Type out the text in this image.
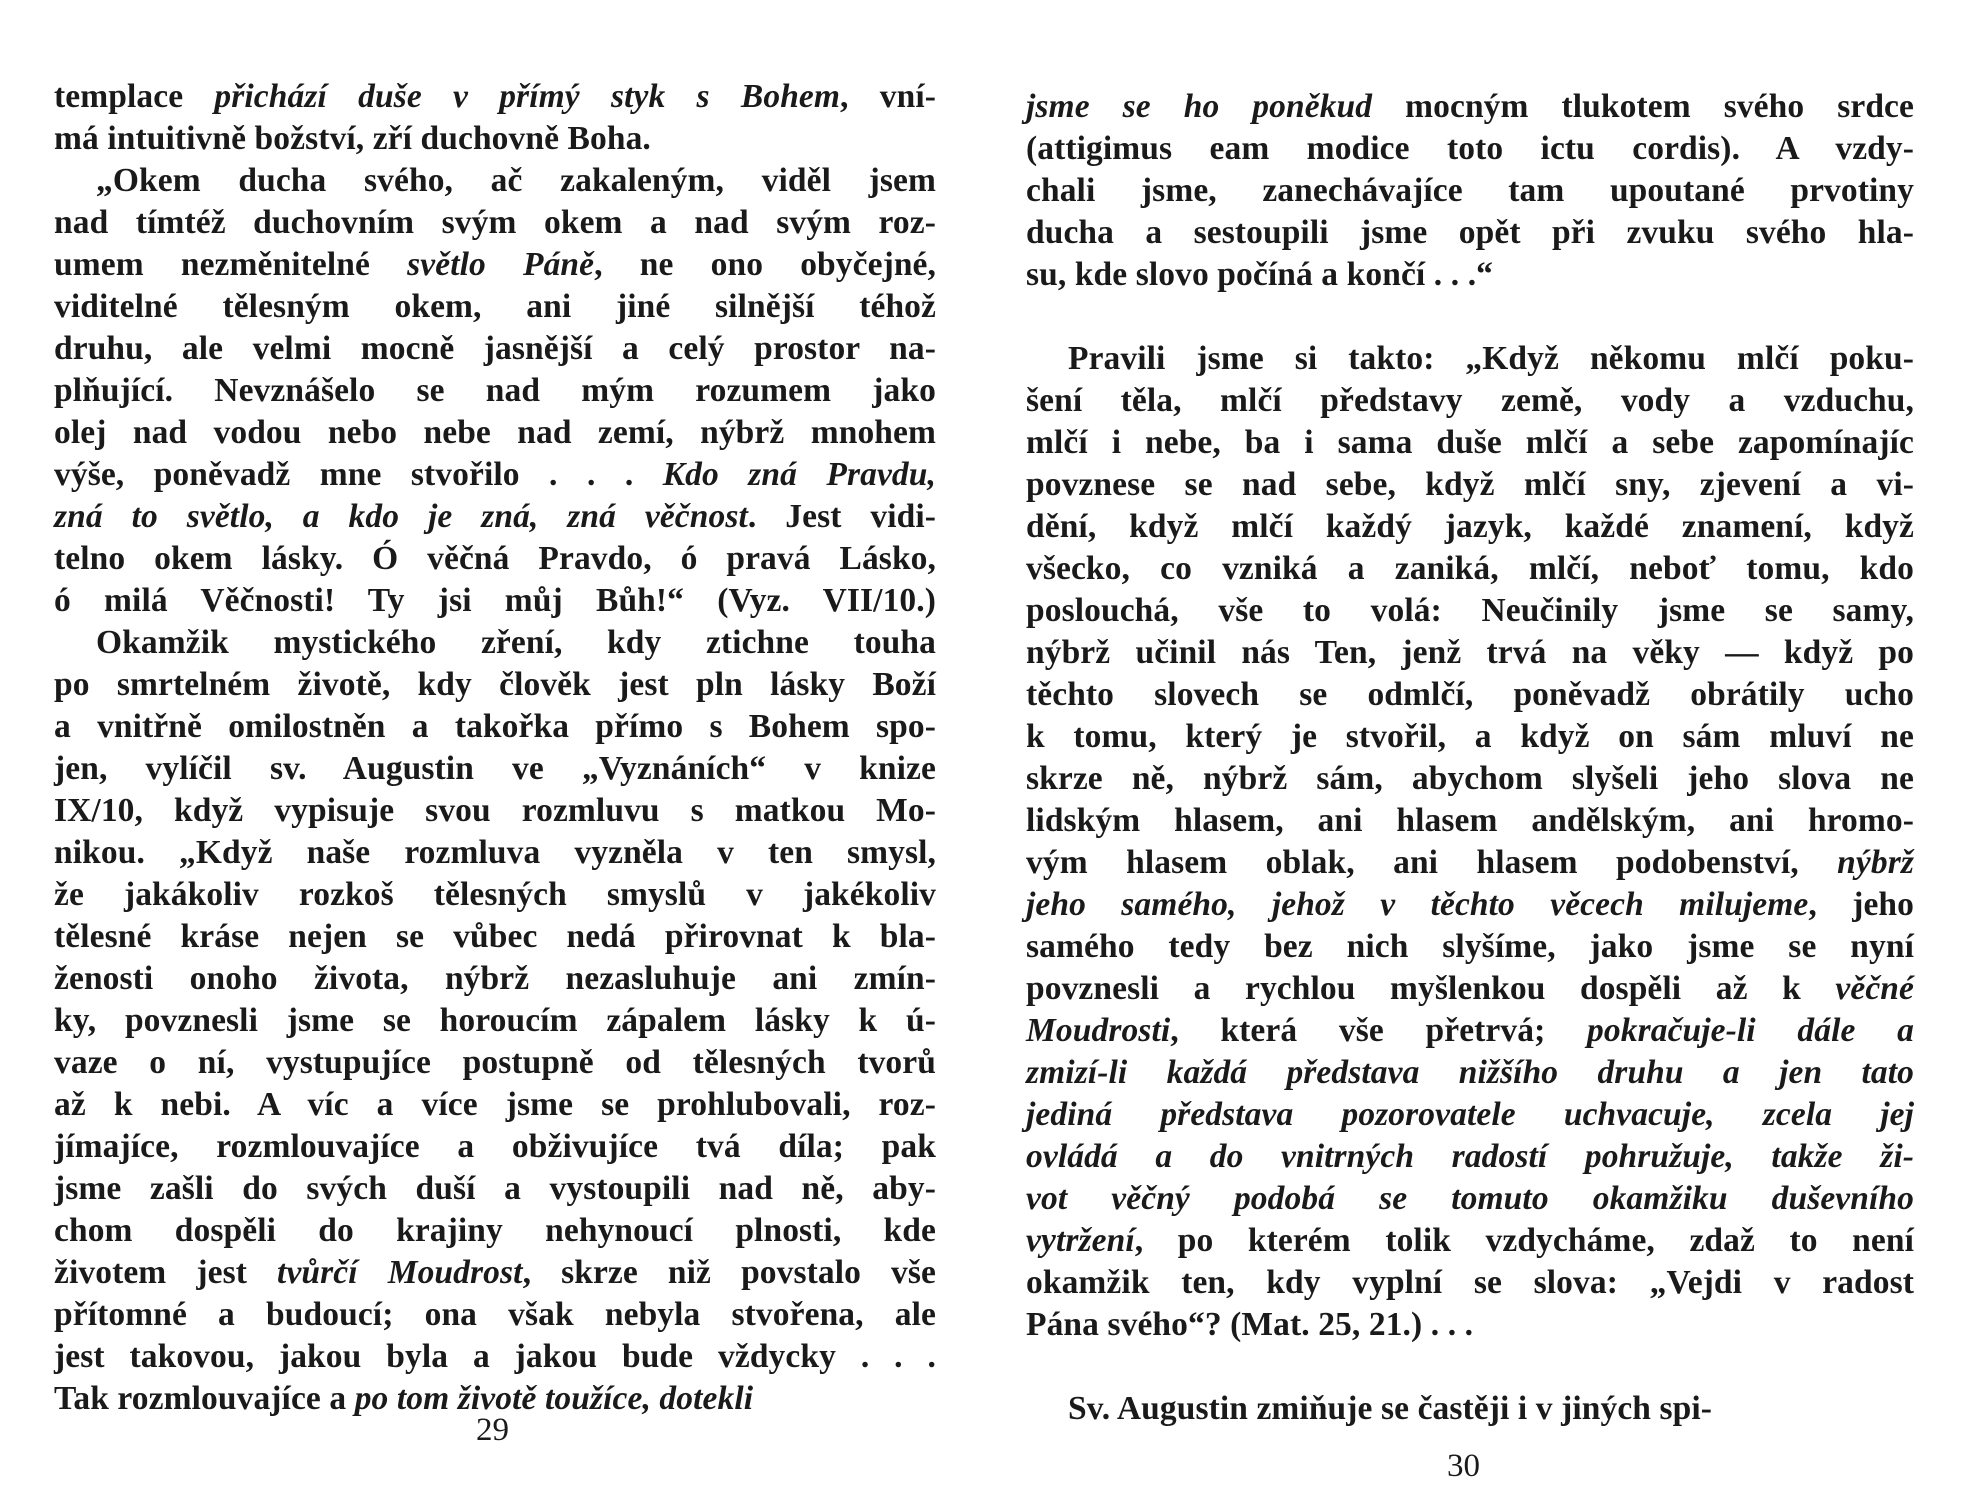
templace přichází duše v přímý styk s Bohem, vní-
má intuitivně božství, zří duchovně Boha.
„Okem ducha svého, ač zakaleným, viděl jsem
nad tímtéž duchovním svým okem a nad svým roz-
umem nezměnitelné světlo Páně, ne ono obyčejné,
viditelné tělesným okem, ani jiné silnější téhož
druhu, ale velmi mocně jasnější a celý prostor na-
plňující. Nevznášelo se nad mým rozumem jako
olej nad vodou nebo nebe nad zemí, nýbrž mnohem
výše, poněvadž mne stvořilo . . . Kdo zná Pravdu,
zná to světlo, a kdo je zná, zná věčnost. Jest vidi-
telno okem lásky. Ó věčná Pravdo, ó pravá Lásko,
ó milá Věčnosti! Ty jsi můj Bůh!“ (Vyz. VII/10.)
Okamžik mystického zření, kdy ztichne touha
po smrtelném životě, kdy člověk jest pln lásky Boží
a vnitřně omilostněn a takořka přímo s Bohem spo-
jen, vylíčil sv. Augustin ve „Vyznáních“ v knize
IX/10, když vypisuje svou rozmluvu s matkou Mo-
nikou. „Když naše rozmluva vyzněla v ten smysl,
že jakákoliv rozkoš tělesných smyslů v jakékoliv
tělesné kráse nejen se vůbec nedá přirovnat k bla-
ženosti onoho života, nýbrž nezasluhuje ani zmín-
ky, povznesli jsme se horoucím zápalem lásky k ú-
vaze o ní, vystupujíce postupně od tělesných tvorů
až k nebi. A víc a více jsme se prohlubovali, roz-
jímajíce, rozmlouvajíce a obživujíce tvá díla; pak
jsme zašli do svých duší a vystoupili nad ně, aby-
chom dospěli do krajiny nehynoucí plnosti, kde
životem jest tvůrčí Moudrost, skrze niž povstalo vše
přítomné a budoucí; ona však nebyla stvořena, ale
jest takovou, jakou byla a jakou bude vždycky . . .
Tak rozmlouvajíce a po tom životě toužíce, dotekli
29
jsme se ho poněkud mocným tlukotem svého srdce
(attigimus eam modice toto ictu cordis). A vzdy-
chali jsme, zanechávajíce tam upoutané prvotiny
ducha a sestoupili jsme opět při zvuku svého hla-
su, kde slovo počíná a končí . . .“
Pravili jsme si takto: „Když někomu mlčí poku-
šení těla, mlčí představy země, vody a vzduchu,
mlčí i nebe, ba i sama duše mlčí a sebe zapomínajíc
povznese se nad sebe, když mlčí sny, zjevení a vi-
dění, když mlčí každý jazyk, každé znamení, když
všecko, co vzniká a zaniká, mlčí, neboť tomu, kdo
poslouchá, vše to volá: Neučinily jsme se samy,
nýbrž učinil nás Ten, jenž trvá na věky — když po
těchto slovech se odmlčí, poněvadž obrátily ucho
k tomu, který je stvořil, a když on sám mluví ne
skrze ně, nýbrž sám, abychom slyšeli jeho slova ne
lidským hlasem, ani hlasem andělským, ani hromo-
vým hlasem oblak, ani hlasem podobenství, nýbrž
jeho samého, jehož v těchto věcech milujeme, jeho
samého tedy bez nich slyšíme, jako jsme se nyní
povznesli a rychlou myšlenkou dospěli až k věčné
Moudrosti, která vše přetrvá; pokračuje-li dále a
zmizí-li každá představa nižšího druhu a jen tato
jediná představa pozorovatele uchvacuje, zcela jej
ovládá a do vnitrných radostí pohružuje, takže ži-
vot věčný podobá se tomuto okamžiku duševního
vytržení, po kterém tolik vzdycháme, zdaž to není
okamžik ten, kdy vyplní se slova: „Vejdi v radost
Pána svého“? (Mat. 25, 21.) . . .
Sv. Augustin zmiňuje se častěji i v jiných spi-
30
